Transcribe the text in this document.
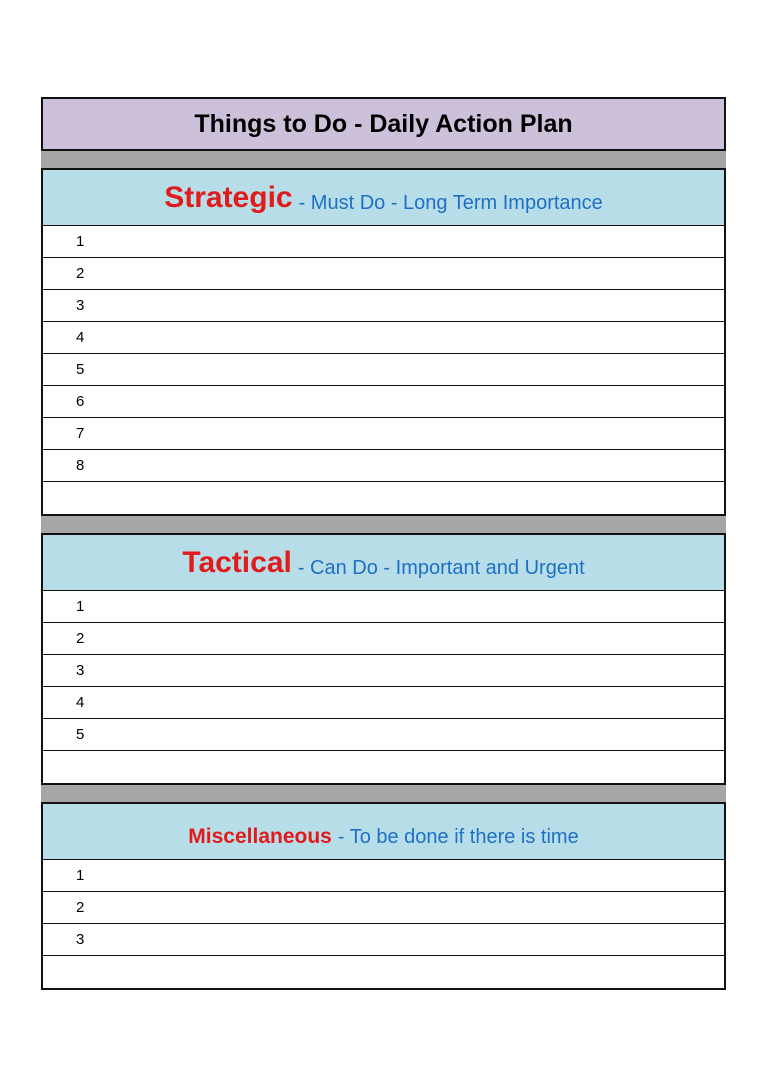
Things to Do - Daily Action Plan
Strategic - Must Do - Long Term Importance
1
2
3
4
5
6
7
8
Tactical - Can Do - Important and Urgent
1
2
3
4
5
Miscellaneous - To be done if there is time
1
2
3
